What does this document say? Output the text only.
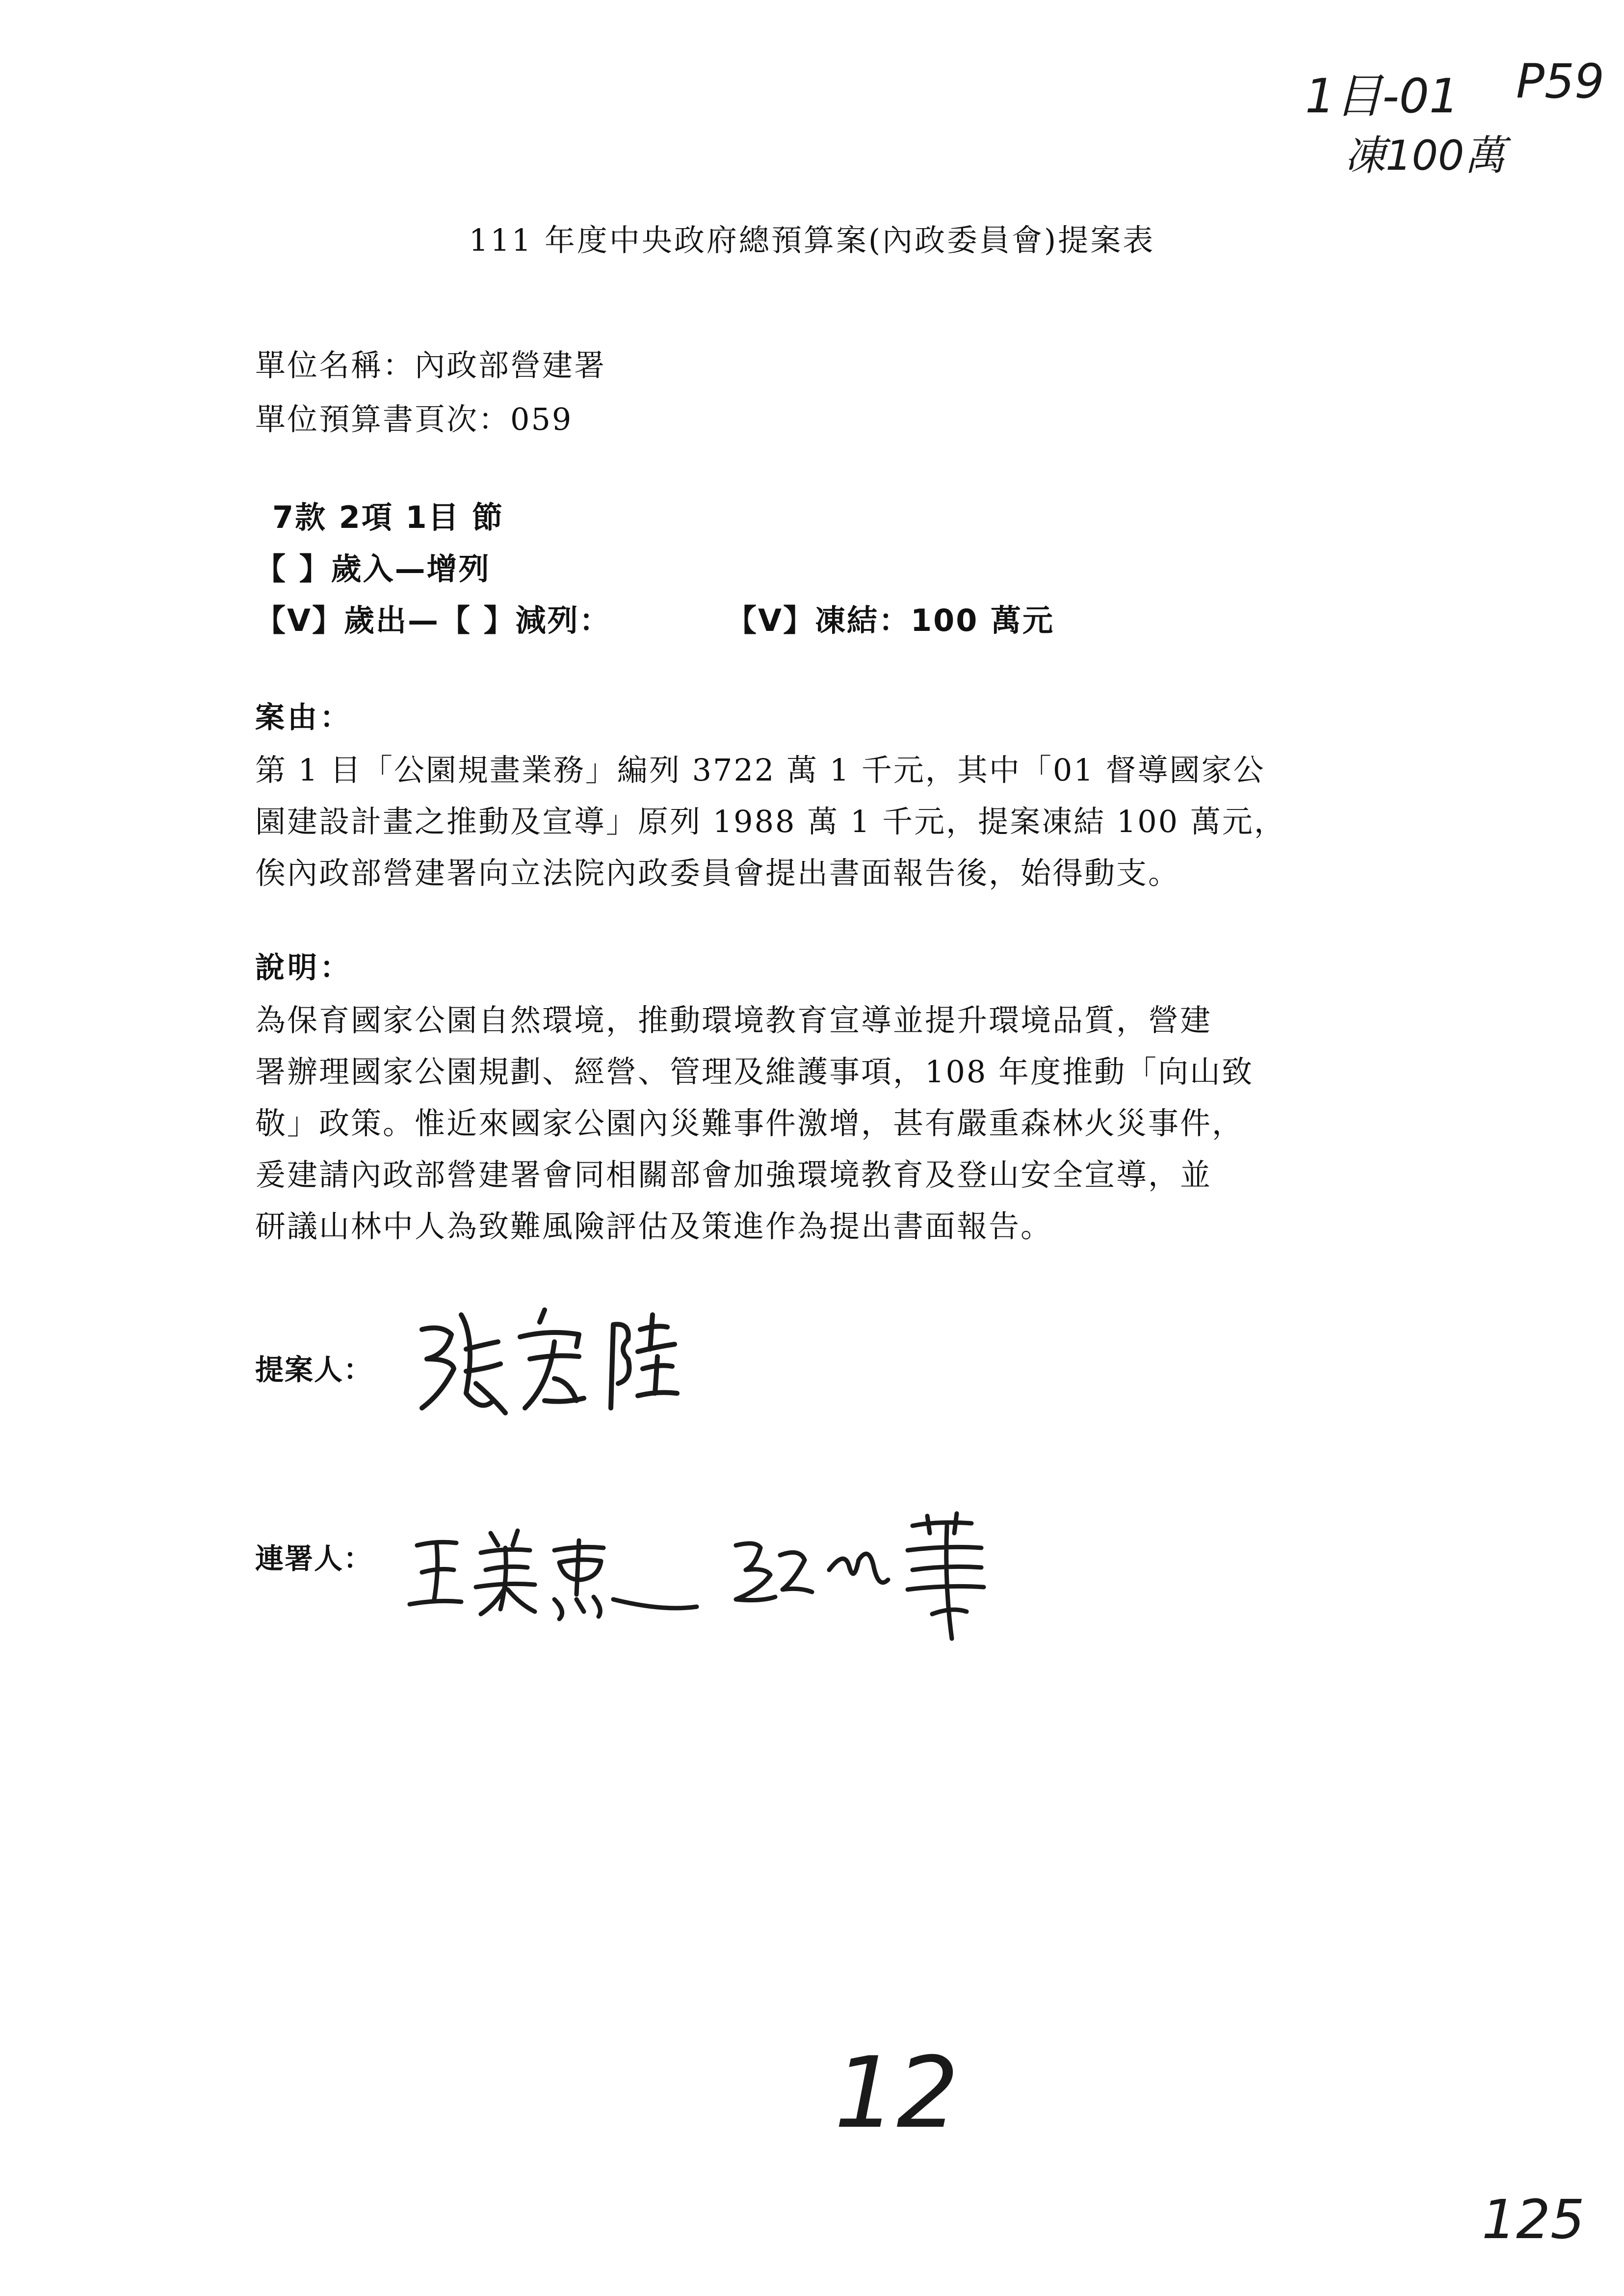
1目-01 P59
凍100萬
111 年度中央政府總預算案(內政委員會)提案表
單位名稱：內政部營建署
單位預算書頁次：059
7款 2項 1目 節
【 】歲入—增列
【V】歲出—【 】減列：	【V】凍結：100 萬元
案由：
第 1 目「公園規畫業務」編列 3722 萬 1 千元，其中「01 督導國家公
園建設計畫之推動及宣導」原列 1988 萬 1 千元，提案凍結 100 萬元，
俟內政部營建署向立法院內政委員會提出書面報告後，始得動支。
說明：
為保育國家公園自然環境，推動環境教育宣導並提升環境品質，營建
署辦理國家公園規劃、經營、管理及維護事項，108 年度推動「向山致
敬」政策。惟近來國家公園內災難事件激增，甚有嚴重森林火災事件，
爰建請內政部營建署會同相關部會加強環境教育及登山安全宣導，並
研議山林中人為致難風險評估及策進作為提出書面報告。
提案人：
連署人：
12
125
